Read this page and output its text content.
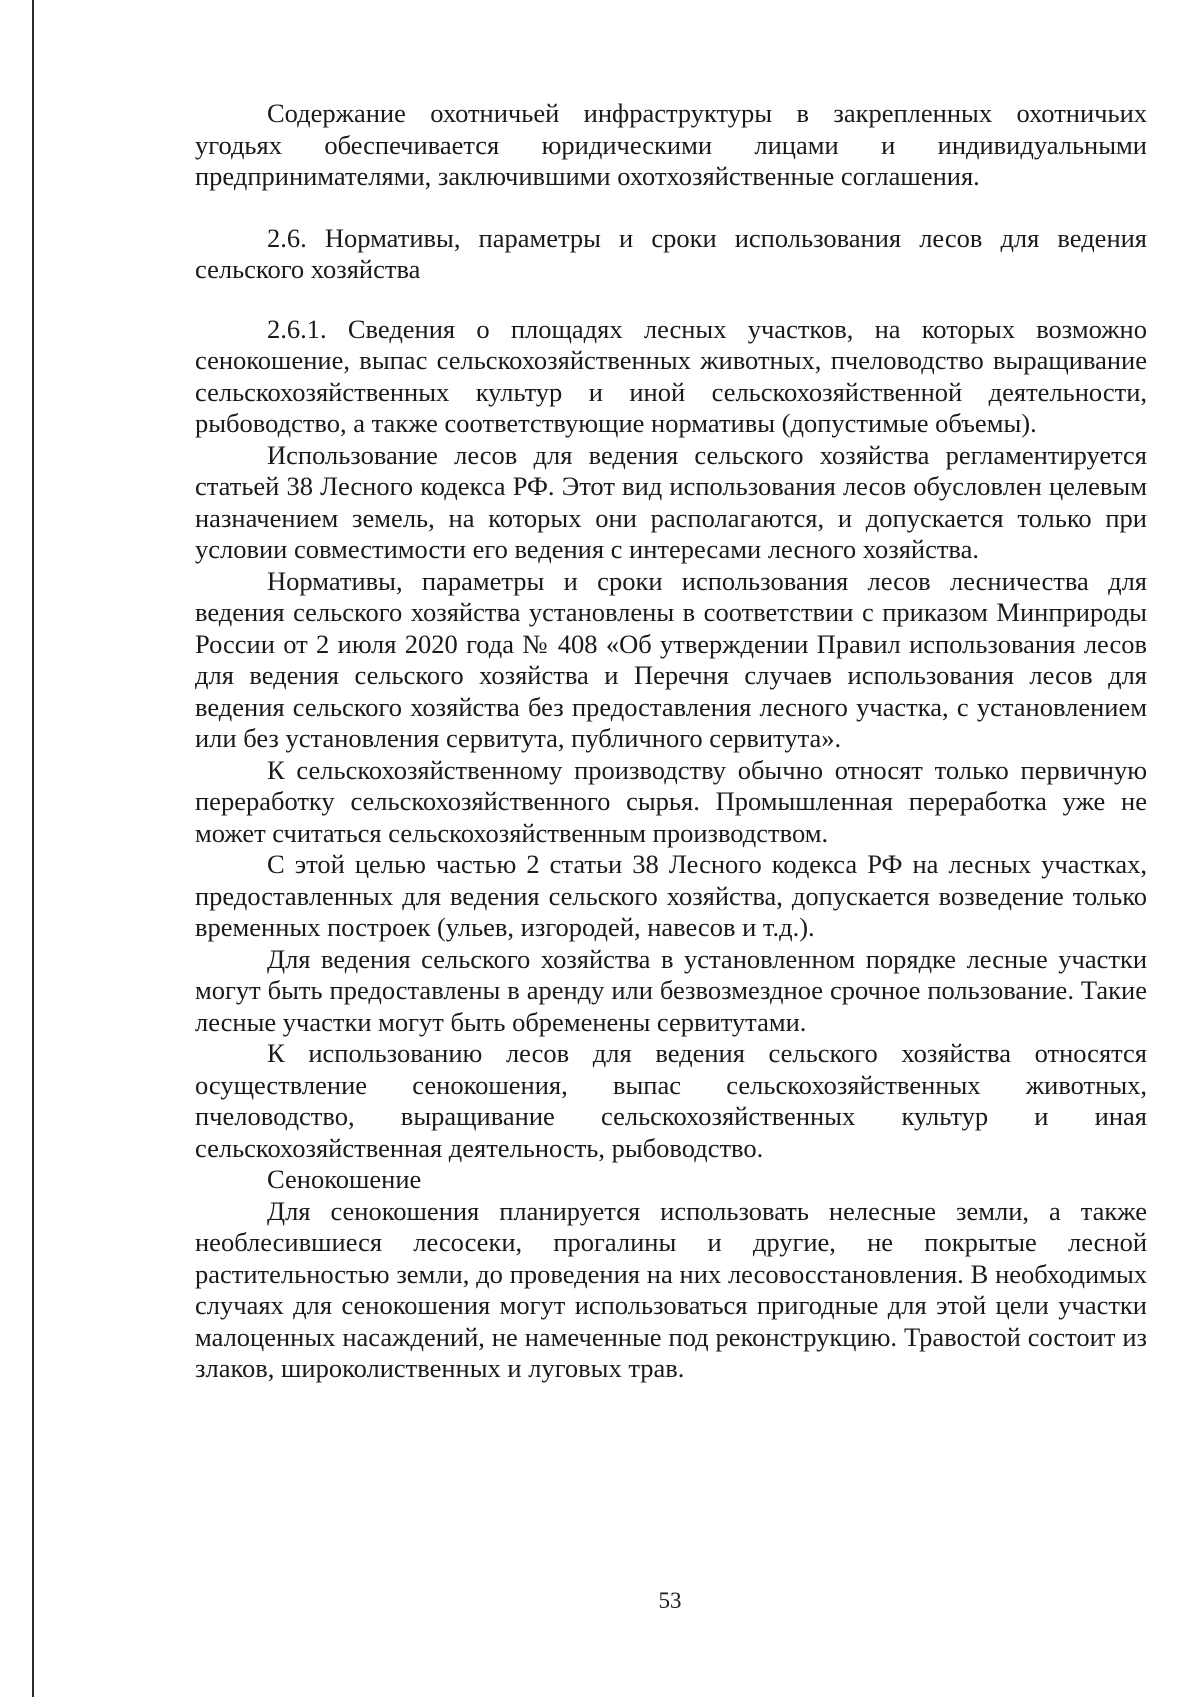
Содержание охотничьей инфраструктуры в закрепленных охотничьих угодьях обеспечивается юридическими лицами и индивидуальными предпринимателями, заключившими охотхозяйственные соглашения.

2.6. Нормативы, параметры и сроки использования лесов для ведения сельского хозяйства

2.6.1. Сведения о площадях лесных участков, на которых возможно сенокошение, выпас сельскохозяйственных животных, пчеловодство выращивание сельскохозяйственных культур и иной сельскохозяйственной деятельности, рыбоводство, а также соответствующие нормативы (допустимые объемы).

Использование лесов для ведения сельского хозяйства регламентируется статьей 38 Лесного кодекса РФ. Этот вид использования лесов обусловлен целевым назначением земель, на которых они располагаются, и допускается только при условии совместимости его ведения с интересами лесного хозяйства.

Нормативы, параметры и сроки использования лесов лесничества для ведения сельского хозяйства установлены в соответствии с приказом Минприроды России от 2 июля 2020 года № 408 «Об утверждении Правил использования лесов для ведения сельского хозяйства и Перечня случаев использования лесов для ведения сельского хозяйства без предоставления лесного участка, с установлением или без установления сервитута, публичного сервитута».

К сельскохозяйственному производству обычно относят только первичную переработку сельскохозяйственного сырья. Промышленная переработка уже не может считаться сельскохозяйственным производством.

С этой целью частью 2 статьи 38 Лесного кодекса РФ на лесных участках, предоставленных для ведения сельского хозяйства, допускается возведение только временных построек (ульев, изгородей, навесов и т.д.).

Для ведения сельского хозяйства в установленном порядке лесные участки могут быть предоставлены в аренду или безвозмездное срочное пользование. Такие лесные участки могут быть обременены сервитутами.

К использованию лесов для ведения сельского хозяйства относятся осуществление сенокошения, выпас сельскохозяйственных животных, пчеловодство, выращивание сельскохозяйственных культур и иная сельскохозяйственная деятельность, рыбоводство.

Сенокошение

Для сенокошения планируется использовать нелесные земли, а также необлесившиеся лесосеки, прогалины и другие, не покрытые лесной растительностью земли, до проведения на них лесовосстановления. В необходимых случаях для сенокошения могут использоваться пригодные для этой цели участки малоценных насаждений, не намеченные под реконструкцию. Травостой состоит из злаков, широколиственных и луговых трав.

53
